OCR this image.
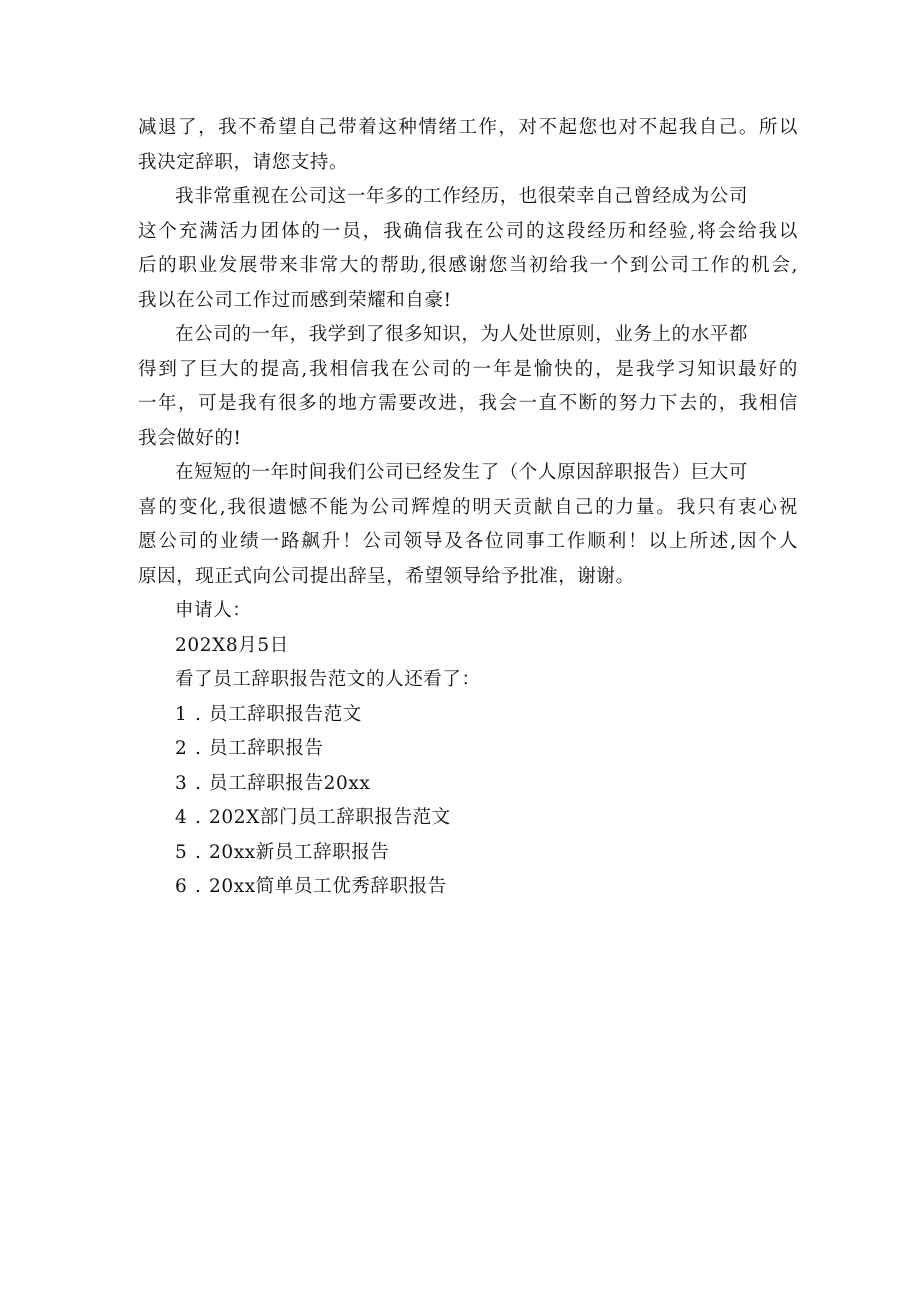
减退了，我不希望自己带着这种情绪工作，对不起您也对不起我自己。所以
我决定辞职，请您支持。
我非常重视在公司这一年多的工作经历，也很荣幸自己曾经成为公司
这个充满活力团体的一员，我确信我在公司的这段经历和经验,将会给我以
后的职业发展带来非常大的帮助,很感谢您当初给我一个到公司工作的机会,
我以在公司工作过而感到荣耀和自豪!
在公司的一年，我学到了很多知识，为人处世原则，业务上的水平都
得到了巨大的提高,我相信我在公司的一年是愉快的，是我学习知识最好的
一年，可是我有很多的地方需要改进，我会一直不断的努力下去的，我相信
我会做好的!
在短短的一年时间我们公司已经发生了（个人原因辞职报告）巨大可
喜的变化,我很遗憾不能为公司辉煌的明天贡献自己的力量。我只有衷心祝
愿公司的业绩一路飙升！公司领导及各位同事工作顺利！以上所述,因个人
原因，现正式向公司提出辞呈，希望领导给予批准，谢谢。
申请人：
202X8月5日
看了员工辞职报告范文的人还看了：
1 . 员工辞职报告范文
2 . 员工辞职报告
3 . 员工辞职报告20xx
4 . 202X部门员工辞职报告范文
5 . 20xx新员工辞职报告
6 . 20xx简单员工优秀辞职报告
